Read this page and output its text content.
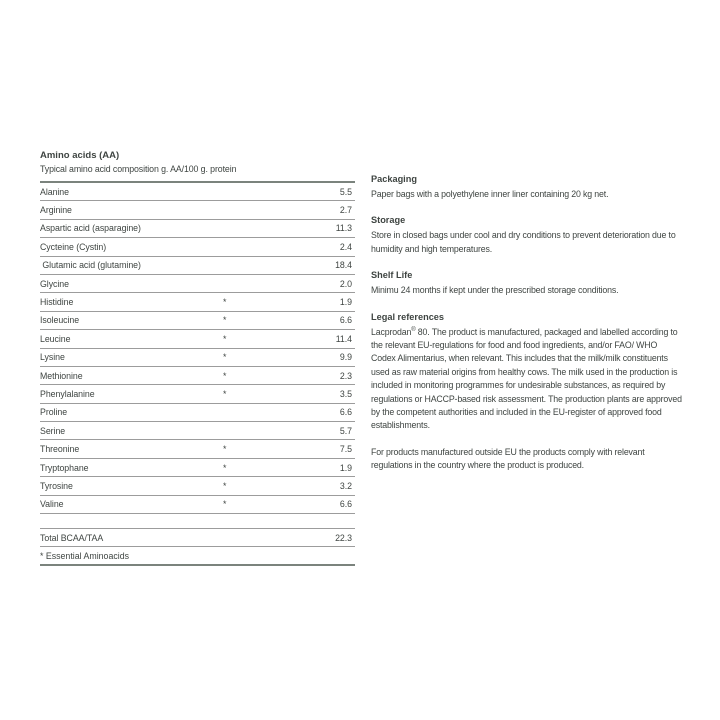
Amino acids (AA)
Typical amino acid composition g. AA/100 g. protein
Alanine	5.5
Arginine	2.7
Aspartic acid (asparagine)	11.3
Cycteine (Cystin)	2.4
Glutamic acid (glutamine)	18.4
Glycine	2.0
Histidine	*	1.9
Isoleucine	*	6.6
Leucine	*	11.4
Lysine	*	9.9
Methionine	*	2.3
Phenylalanine	*	3.5
Proline	6.6
Serine	5.7
Threonine	*	7.5
Tryptophane	*	1.9
Tyrosine	*	3.2
Valine	*	6.6
Total BCAA/TAA	22.3
* Essential Aminoacids

Packaging

Paper bags with a polyethylene inner liner containing 20 kg net.

Storage

Store in closed bags under cool and dry conditions to prevent deterioration due to humidity and high temperatures.

Shelf Life

Minimu 24 months if kept under the prescribed storage conditions.

Legal references

Lacprodan® 80. The product is manufactured, packaged and labelled according to the relevant EU-regulations for food and food ingredients, and/or FAO/ WHO Codex Alimentarius, when relevant. This includes that the milk/milk constituents used as raw material origins from healthy cows. The milk used in the production is included in monitoring programmes for undesirable substances, as required by regulations or HACCP-based risk assessment. The production plants are approved by the competent authorities and included in the EU-register of approved food establishments.

For products manufactured outside EU the products comply with relevant regulations in the country where the product is produced.
